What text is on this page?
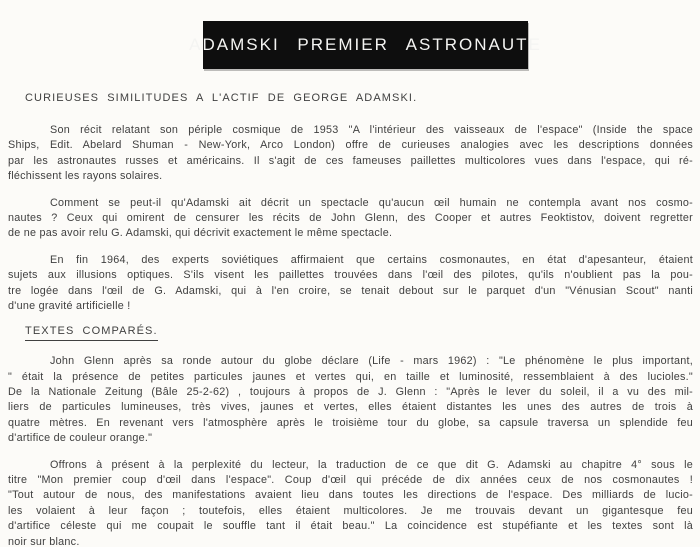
ADAMSKI PREMIER ASTRONAUTE
CURIEUSES SIMILITUDES A L'ACTIF DE GEORGE ADAMSKI.
Son récit relatant son périple cosmique de 1953 "A l'intérieur des vaisseaux de l'espace" (Inside the space
Ships, Edit. Abelard Shuman - New-York, Arco London) offre de curieuses analogies avec les descriptions données
par les astronautes russes et américains. Il s'agit de ces fameuses paillettes multicolores vues dans l'espace, qui ré-
fléchissent les rayons solaires.
Comment se peut-il qu'Adamski ait décrit un spectacle qu'aucun œil humain ne contempla avant nos cosmo-
nautes ? Ceux qui omirent de censurer les récits de John Glenn, des Cooper et autres Feoktistov, doivent regretter
de ne pas avoir relu G. Adamski, qui décrivit exactement le même spectacle.
En fin 1964, des experts soviétiques affirmaient que certains cosmonautes, en état d'apesanteur, étaient
sujets aux illusions optiques. S'ils visent les paillettes trouvées dans l'œil des pilotes, qu'ils n'oublient pas la pou-
tre logée dans l'œil de G. Adamski, qui à l'en croire, se tenait debout sur le parquet d'un "Vénusian Scout" nanti
d'une gravité artificielle !
TEXTES COMPARÉS.
John Glenn après sa ronde autour du globe déclare (Life - mars 1962) : "Le phénomène le plus important,
" était la présence de petites particules jaunes et vertes qui, en taille et luminosité, ressemblaient à des lucioles."
De la Nationale Zeitung (Bâle 25-2-62) , toujours à propos de J. Glenn : "Après le lever du soleil, il a vu des mil-
liers de particules lumineuses, très vives, jaunes et vertes, elles étaient distantes les unes des autres de trois à
quatre mètres. En revenant vers l'atmosphère après le troisième tour du globe, sa capsule traversa un splendide feu
d'artifice de couleur orange."
Offrons à présent à la perplexité du lecteur, la traduction de ce que dit G. Adamski au chapitre 4° sous le
titre "Mon premier coup d'œil dans l'espace". Coup d'œil qui précéde de dix années ceux de nos cosmonautes !
"Tout autour de nous, des manifestations avaient lieu dans toutes les directions de l'espace. Des milliards de lucio-
les volaient à leur façon ; toutefois, elles étaient multicolores. Je me trouvais devant un gigantesque feu
d'artifice céleste qui me coupait le souffle tant il était beau." La coincidence est stupéfiante et les textes sont là
noir sur blanc.
